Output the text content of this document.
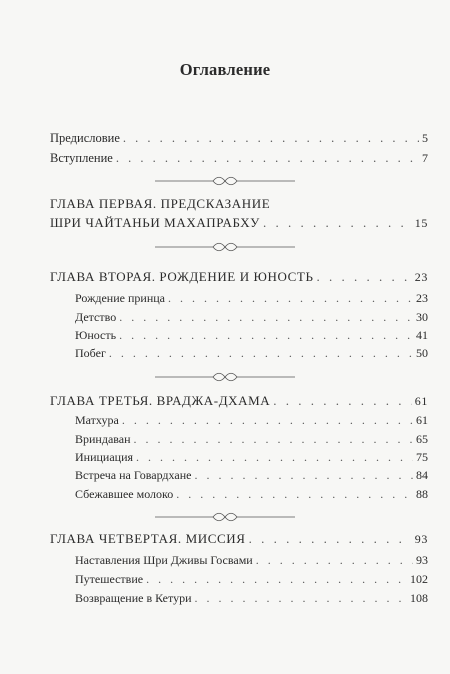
Оглавление
Предисловие . . .	5
Вступление . . .	7
ГЛАВА ПЕРВАЯ. ПРЕДСКАЗАНИЕ
ШРИ ЧАЙТАНЬИ МАХАПРАБХУ . . .	15
ГЛАВА ВТОРАЯ. РОЖДЕНИЕ И ЮНОСТЬ . . .	23
Рождение принца . . .	23
Детство . . .	30
Юность . . .	41
Побег . . .	50
ГЛАВА ТРЕТЬЯ. ВРАДЖА-ДХАМА . . .	61
Матхура . . .	61
Вриндаван . . .	65
Инициация . . .	75
Встреча на Говардхане . . .	84
Сбежавшее молоко . . .	88
ГЛАВА ЧЕТВЕРТАЯ. МИССИЯ . . .	93
Наставления Шри Дживы Госвами . . .	93
Путешествие . . .	102
Возвращение в Кетури . . .	108
